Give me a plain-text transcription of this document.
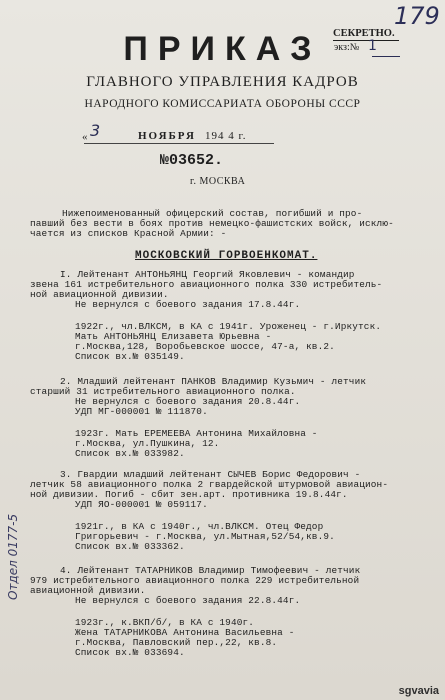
179
СЕКРЕТНО.
экз:№ 1
ПРИКАЗ
ГЛАВНОГО УПРАВЛЕНИЯ КАДРОВ
НАРОДНОГО КОМИССАРИАТА ОБОРОНЫ СССР
« 3	НОЯБРЯ 194 4 г.
№03652.
г. МОСКВА
Нижепоименованный офицерский состав, погибший и про-
павший без вести в боях против немецко-фашистских войск, исклю-
чается из списков Красной Армии: -
МОСКОВСКИЙ ГОРВОЕНКОМАТ.
I. Лейтенант АНТОНЬЯНЦ Георгий Яковлевич - командир
звена 161 истребительного авиационного полка 330 истребитель-
ной авиационной дивизии.
Не вернулся с боевого задания 17.8.44г.
1922г., чл.ВЛКСМ, в КА с 1941г. Уроженец - г.Иркутск.
Мать АНТОНЬЯНЦ Елизавета Юрьевна -
г.Москва,128, Воробьевское шоссе, 47-а, кв.2.
Список вх.№ 035149.
2. Младший лейтенант ПАНКОВ Владимир Кузьмич - летчик
старший 31 истребительного авиационного полка.
Не вернулся с боевого задания 20.8.44г.
УДП МГ-000001 № 111870.
1923г. Мать ЕРЕМЕЕВА Антонина Михайловна -
г.Москва, ул.Пушкина, 12.
Список вх.№ 033982.
3. Гвардии младший лейтенант СЫЧЕВ Борис Федорович -
летчик 58 авиационного полка 2 гвардейской штурмовой авиацион-
ной дивизии. Погиб - сбит зен.арт. противника 19.8.44г.
УДП ЯО-000001 № 059117.
1921г., в КА с 1940г., чл.ВЛКСМ. Отец Федор
Григорьевич - г.Москва, ул.Мытная,52/54,кв.9.
Список вх.№ 033362.
4. Лейтенант ТАТАРНИКОВ Владимир Тимофеевич - летчик
979 истребительного авиационного полка 229 истребительной
авиационной дивизии.
Не вернулся с боевого задания 22.8.44г.
1923г., к.ВКП/б/, в КА с 1940г.
Жена ТАТАРНИКОВА Антонина Васильевна -
г.Москва, Павловский пер.,22, кв.8.
Список вх.№ 033694.
Отдел 0177-5
sgvavia
